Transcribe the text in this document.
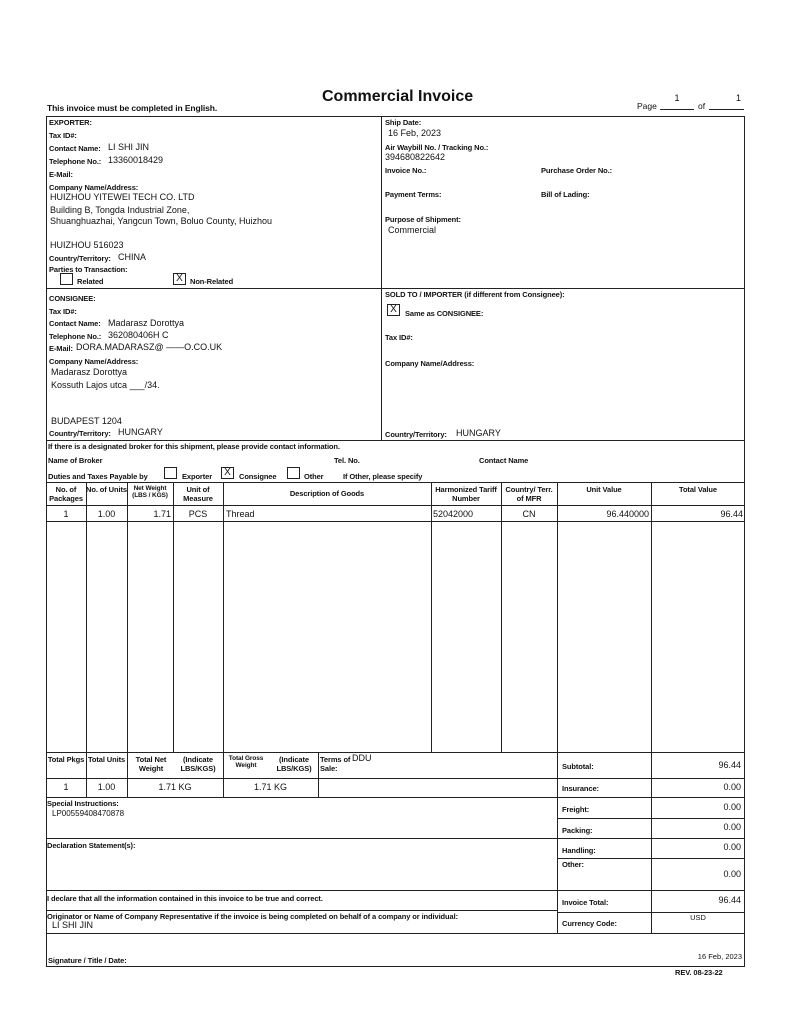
Commercial Invoice
This invoice must be completed in English.	Page
1
of
1
EXPORTER:
Tax ID#:
Contact Name: LI SHI JIN
Telephone No.: 13360018429
E-Mail:
Company Name/Address:
HUIZHOU YITEWEI TECH CO. LTD
Building B, Tongda Industrial Zone,
Shuanghuazhai, Yangcun Town, Boluo County, Huizhou
HUIZHOU 516023
Country/Territory: CHINA
Parties to Transaction:
Related	X Non-Related
Ship Date:
16 Feb, 2023
Air Waybill No. / Tracking No.:
394680822642
Invoice No.:	Purchase Order No.:
Payment Terms:	Bill of Lading:
Purpose of Shipment:
Commercial
CONSIGNEE:
Tax ID#:
Contact Name: Madarasz Dorottya
Telephone No.: 362080406H C
E-Mail: DORA.MADARASZ@ ——O.CO.UK
Company Name/Address:
Madarasz Dorottya
Kossuth Lajos utca ___/34.
BUDAPEST 1204
Country/Territory: HUNGARY
SOLD TO / IMPORTER (if different from Consignee):
X	Same as CONSIGNEE:
Tax ID#:
Company Name/Address:
Country/Territory: HUNGARY
If there is a designated broker for this shipment, please provide contact information.
Name of Broker	Tel. No.	Contact Name
Duties and Taxes Payable by	Exporter	X	Consignee	Other	If Other, please specify
No. of Packages
No. of Units	Net Weight (LBS / KGS)
Unit of Measure
Description of Goods	Harmonized Tariff Number
Country/ Terr. of MFR
Unit Value	Total Value
1	1.00	1.71	PCS	Thread	52042000	CN	96.440000	96.44
Total Pkgs Total Units	Total Net Weight
(Indicate LBS/KGS)
Total Gross Weight
(Indicate LBS/KGS)
Terms of Sale:
DDU
1	1.00	1.71 KG	1.71 KG
Special Instructions:
LP00559408470878
Declaration Statement(s):
I declare that all the information contained in this invoice to be true and correct.
Originator or Name of Company Representative if the invoice is being completed on behalf of a company or individual:
LI SHI JIN
Signature / Title / Date:	16 Feb, 2023
Subtotal:	96.44
Insurance:	0.00
Freight:	0.00
Packing:	0.00
Handling:	0.00
Other:
0.00
Invoice Total:	96.44
Currency Code:
USD
REV. 08-23-22
